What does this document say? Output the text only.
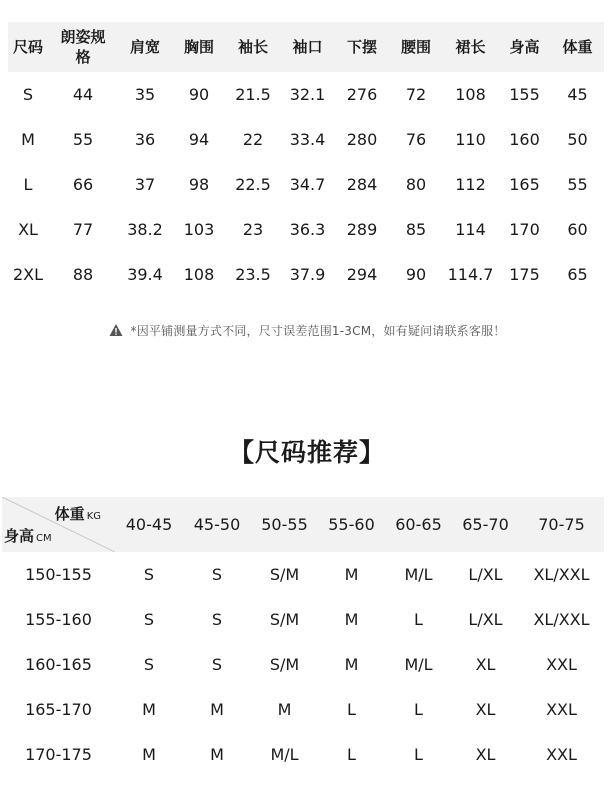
尺码	朗姿规格	肩宽	胸围	袖长	袖口	下摆	腰围	裙长	身高	体重
S	44	35	90	21.5	32.1	276	72	108	155	45
M	55	36	94	22	33.4	280	76	110	160	50
L	66	37	98	22.5	34.7	284	80	112	165	55
XL	77	38.2	103	23	36.3	289	85	114	170	60
2XL	88	39.4	108	23.5	37.9	294	90	114.7	175	65
*因平铺测量方式不同，尺寸误差范围1-3CM，如有疑问请联系客服！
【尺码推荐】
体重 KG
身高 CM	40-45	45-50	50-55	55-60	60-65	65-70	70-75
150-155	S	S	S/M	M	M/L	L/XL	XL/XXL
155-160	S	S	S/M	M	L	L/XL	XL/XXL
160-165	S	S	S/M	M	M/L	XL	XXL
165-170	M	M	M	L	L	XL	XXL
170-175	M	M	M/L	L	L	XL	XXL
